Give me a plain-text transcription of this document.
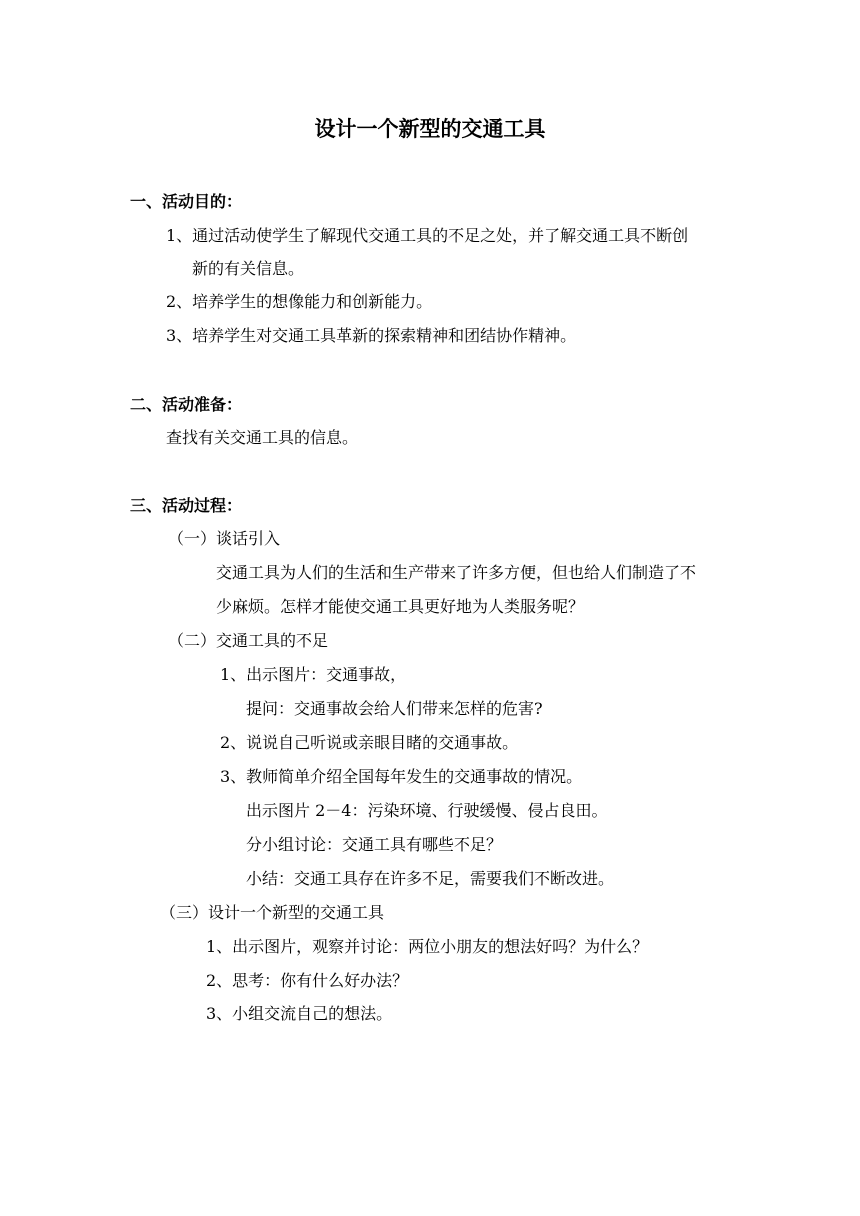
设计一个新型的交通工具
一、活动目的：
1、通过活动使学生了解现代交通工具的不足之处，并了解交通工具不断创
新的有关信息。
2、培养学生的想像能力和创新能力。
3、培养学生对交通工具革新的探索精神和团结协作精神。
二、活动准备：
查找有关交通工具的信息。
三、活动过程：
（一）谈话引入
交通工具为人们的生活和生产带来了许多方便，但也给人们制造了不
少麻烦。怎样才能使交通工具更好地为人类服务呢？
（二）交通工具的不足
1、出示图片：交通事故，
提问：交通事故会给人们带来怎样的危害?
2、说说自己听说或亲眼目睹的交通事故。
3、教师简单介绍全国每年发生的交通事故的情况。
出示图片 2－4：污染环境、行驶缓慢、侵占良田。
分小组讨论：交通工具有哪些不足？
小结：交通工具存在许多不足，需要我们不断改进。
（三）设计一个新型的交通工具
1、出示图片，观察并讨论：两位小朋友的想法好吗？为什么？
2、思考：你有什么好办法？
3、小组交流自己的想法。
